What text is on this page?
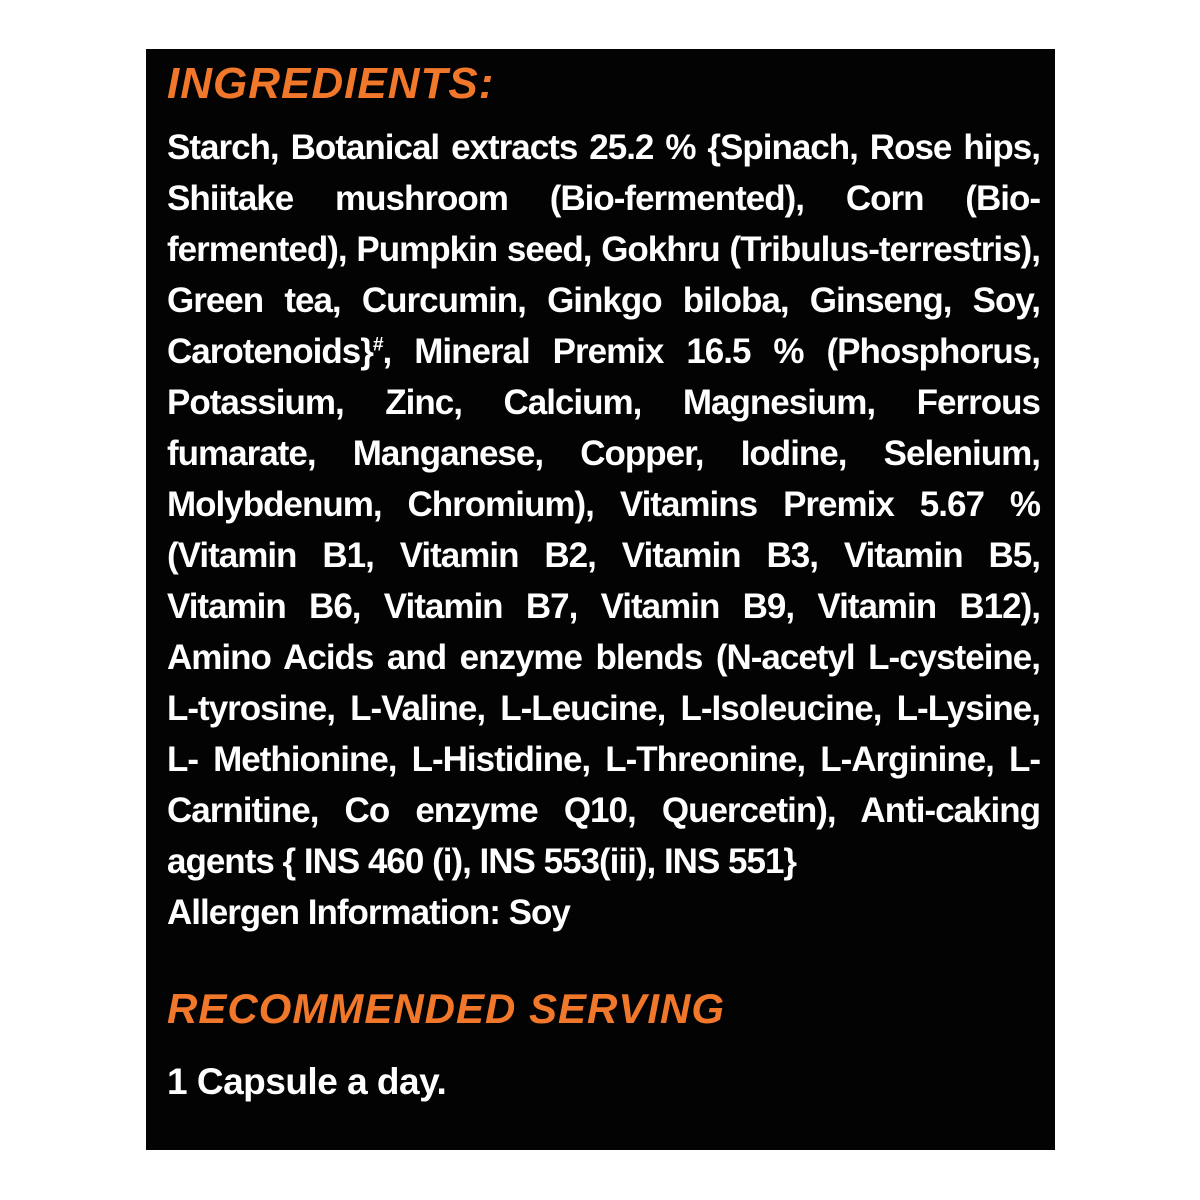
INGREDIENTS:

Starch, Botanical extracts 25.2 % {Spinach, Rose hips, Shiitake mushroom (Bio-fermented), Corn (Bio-fermented), Pumpkin seed, Gokhru (Tribulus-terrestris), Green tea, Curcumin, Ginkgo biloba, Ginseng, Soy, Carotenoids}#, Mineral Premix 16.5 % (Phosphorus, Potassium, Zinc, Calcium, Magnesium, Ferrous fumarate, Manganese, Copper, Iodine, Selenium, Molybdenum, Chromium), Vitamins Premix 5.67 % (Vitamin B1, Vitamin B2, Vitamin B3, Vitamin B5, Vitamin B6, Vitamin B7, Vitamin B9, Vitamin B12), Amino Acids and enzyme blends (N-acetyl L-cysteine, L-tyrosine, L-Valine, L-Leucine, L-Isoleucine, L-Lysine, L- Methionine, L-Histidine, L-Threonine, L-Arginine, L-Carnitine, Co enzyme Q10, Quercetin), Anti-caking agents { INS 460 (i), INS 553(iii), INS 551}

Allergen Information: Soy

RECOMMENDED SERVING

1 Capsule a day.
